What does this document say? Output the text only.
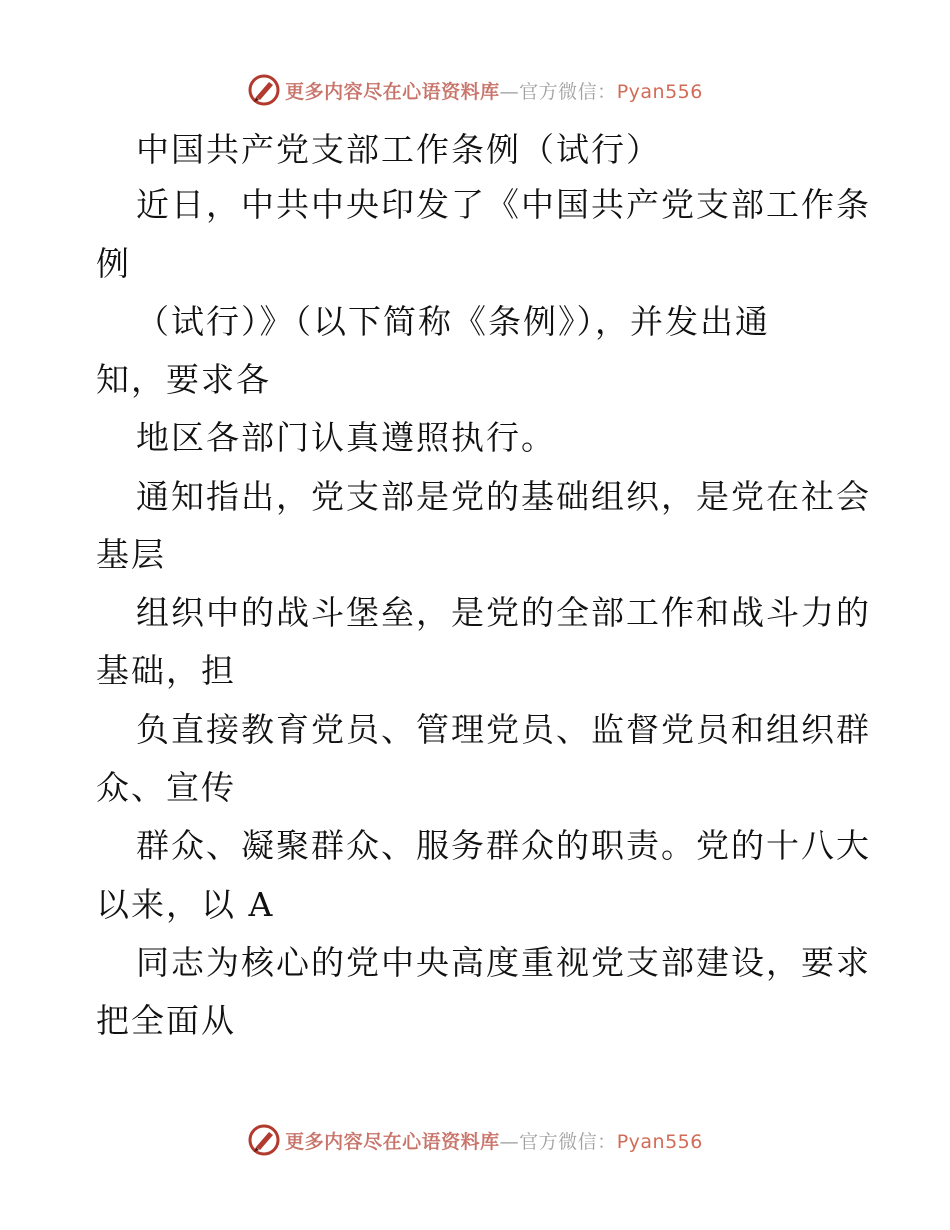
更多内容尽在心语资料库—官方微信：Pyan556
中国共产党支部工作条例（试行）
近日，中共中央印发了《中国共产党支部工作条
例
（试行）》（以下简称《条例》），并发出通
知，要求各
地区各部门认真遵照执行。
通知指出，党支部是党的基础组织，是党在社会
基层
组织中的战斗堡垒，是党的全部工作和战斗力的
基础，担
负直接教育党员、管理党员、监督党员和组织群
众、宣传
群众、凝聚群众、服务群众的职责。党的十八大
以来，以 A
同志为核心的党中央高度重视党支部建设，要求
把全面从
更多内容尽在心语资料库—官方微信：Pyan556
